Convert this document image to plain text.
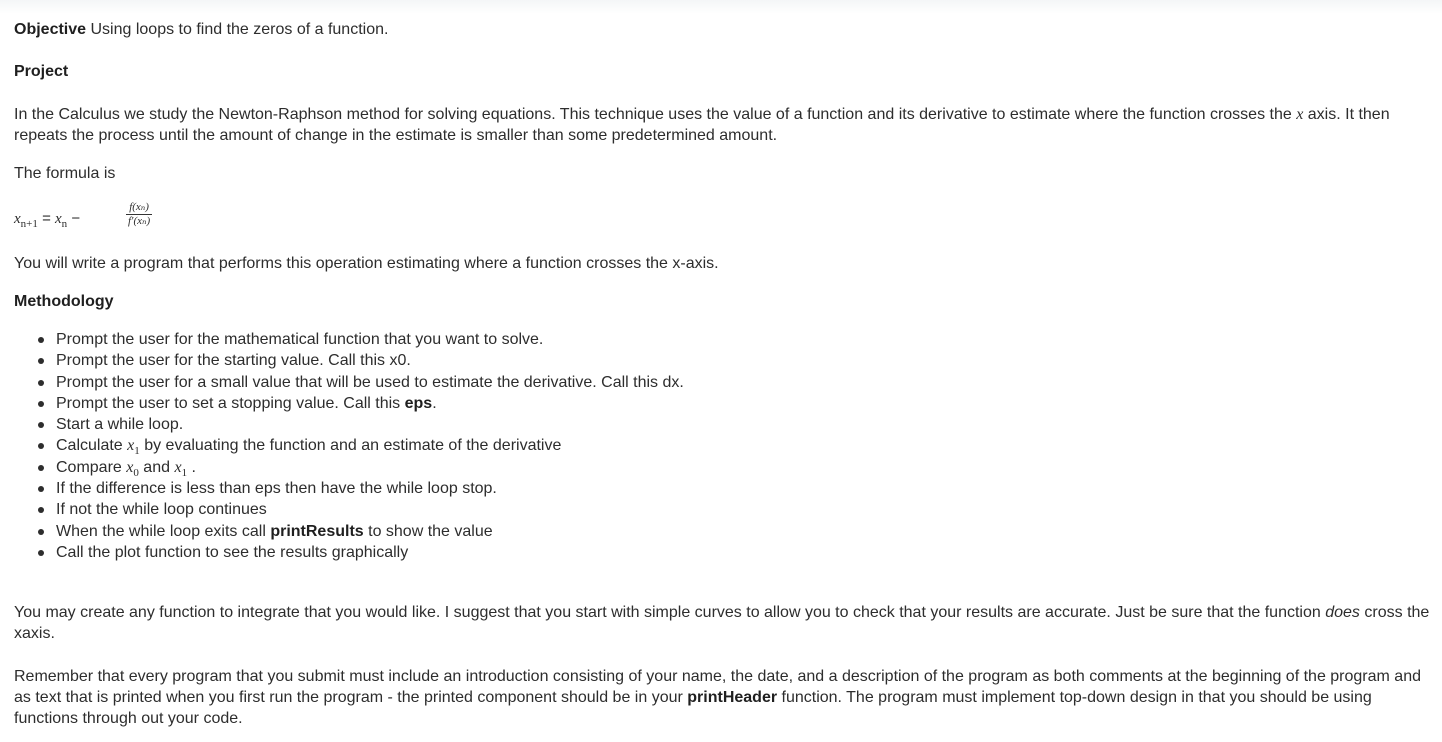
Objective Using loops to find the zeros of a function.
Project
In the Calculus we study the Newton-Raphson method for solving equations. This technique uses the value of a function and its derivative to estimate where the function crosses the x axis. It then repeats the process until the amount of change in the estimate is smaller than some predetermined amount.
The formula is
$x_{n+1} = x_n$ −
f(xₙ)
f′(xₙ)
You will write a program that performs this operation estimating where a function crosses the x-axis.
Methodology
Prompt the user for the mathematical function that you want to solve.
Prompt the user for the starting value. Call this x0.
Prompt the user for a small value that will be used to estimate the derivative. Call this dx.
Prompt the user to set a stopping value. Call this eps.
Start a while loop.
Calculate $x_1$ by evaluating the function and an estimate of the derivative
Compare $x_0$ and $x_1$ .
If the difference is less than eps then have the while loop stop.
If not the while loop continues
When the while loop exits call printResults to show the value
Call the plot function to see the results graphically
You may create any function to integrate that you would like. I suggest that you start with simple curves to allow you to check that your results are accurate. Just be sure that the function does cross the xaxis.
Remember that every program that you submit must include an introduction consisting of your name, the date, and a description of the program as both comments at the beginning of the program and as text that is printed when you first run the program - the printed component should be in your printHeader function. The program must implement top-down design in that you should be using functions through out your code.
